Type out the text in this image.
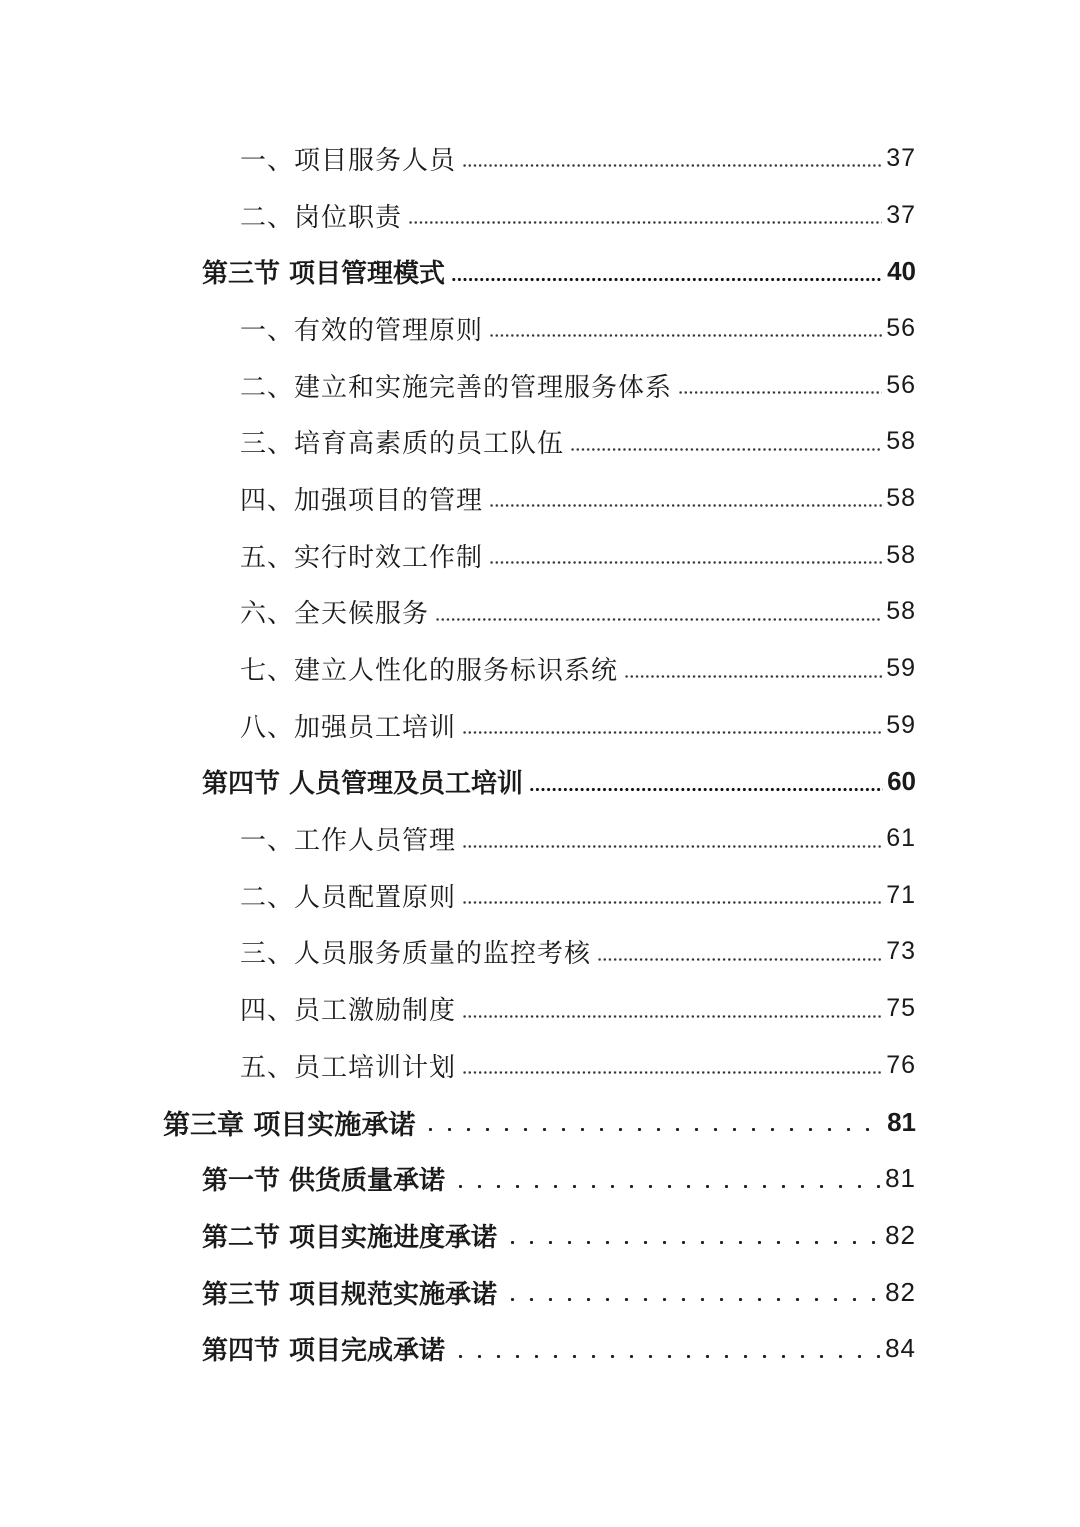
一、项目服务人员	37
二、岗位职责	37
第三节 项目管理模式	40
一、有效的管理原则	56
二、建立和实施完善的管理服务体系	56
三、培育高素质的员工队伍	58
四、加强项目的管理	58
五、实行时效工作制	58
六、全天候服务	58
七、建立人性化的服务标识系统	59
八、加强员工培训	59
第四节 人员管理及员工培训	60
一、工作人员管理	61
二、人员配置原则	71
三、人员服务质量的监控考核	73
四、员工激励制度	75
五、员工培训计划	76
第三章 项目实施承诺	81
第一节 供货质量承诺	81
第二节 项目实施进度承诺	82
第三节 项目规范实施承诺	82
第四节 项目完成承诺	84
